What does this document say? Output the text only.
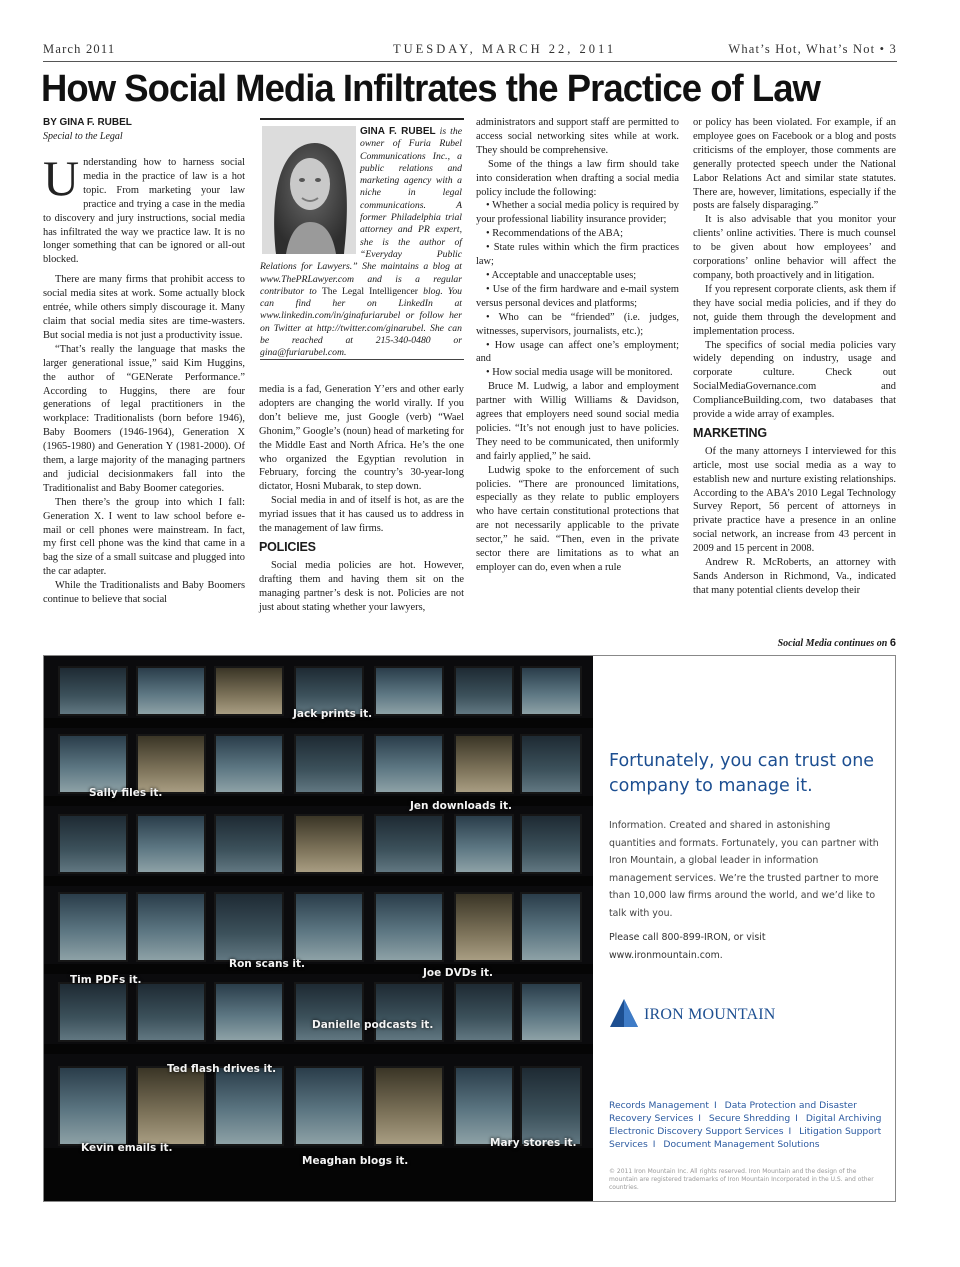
March 2011	TUESDAY, MARCH 22, 2011	What’s Hot, What’s Not • 3
How Social Media Infiltrates the Practice of Law
BY GINA F. RUBEL
Special to the Legal
U nderstanding how to harness social media in the practice of law is a hot topic. From marketing your law practice and trying a case in the media to discovery and jury instructions, social media has infiltrated the way we practice law. It is no longer something that can be ignored or all-out blocked.

There are many firms that prohibit access to social media sites at work. Some actually block entrée, while others simply discourage it. Many claim that social media sites are time-wasters. But social media is not just a productivity issue.

“That’s really the language that masks the larger generational issue,” said Kim Huggins, the author of “GENerate Performance.” According to Huggins, there are four generations of legal practitioners in the workplace: Traditionalists (born before 1946), Baby Boomers (1946-1964), Generation X (1965-1980) and Generation Y (1981-2000). Of them, a large majority of the managing partners and judicial decisionmakers fall into the Traditionalist and Baby Boomer categories.

Then there’s the group into which I fall: Generation X. I went to law school before e-mail or cell phones were mainstream. In fact, my first cell phone was the kind that came in a bag the size of a small suitcase and plugged into the car adapter.

While the Traditionalists and Baby Boomers continue to believe that social

GINA F. RUBEL is the owner of Furia Rubel Communications Inc., a public relations and marketing agency with a niche in legal communications. A former Philadelphia trial attorney and PR expert, she is the author of “Everyday Public Relations for Lawyers.” She maintains a blog at www.ThePRLawyer.com and is a regular contributor to The Legal Intelligencer blog. You can find her on LinkedIn at www.linkedin.com/in/ginafuriarubel or follow her on Twitter at http://twitter.com/ginarubel. She can be reached at 215-340-0480 or gina@furiarubel.com.

media is a fad, Generation Y’ers and other early adopters are changing the world virally. If you don’t believe me, just Google (verb) “Wael Ghonim,” Google’s (noun) head of marketing for the Middle East and North Africa. He’s the one who organized the Egyptian revolution in February, forcing the country’s 30-year-long dictator, Hosni Mubarak, to step down.

Social media in and of itself is hot, as are the myriad issues that it has caused us to address in the management of law firms.

POLICIES

Social media policies are hot. However, drafting them and having them sit on the managing partner’s desk is not. Policies are not just about stating whether your lawyers,

administrators and support staff are permitted to access social networking sites while at work. They should be comprehensive.

Some of the things a law firm should take into consideration when drafting a social media policy include the following:

• Whether a social media policy is required by your professional liability insurance provider;

• Recommendations of the ABA;

• State rules within which the firm practices law;

• Acceptable and unacceptable uses;

• Use of the firm hardware and e-mail system versus personal devices and platforms;

• Who can be “friended” (i.e. judges, witnesses, supervisors, journalists, etc.);

• How usage can affect one’s employment; and

• How social media usage will be monitored.

Bruce M. Ludwig, a labor and employment partner with Willig Williams & Davidson, agrees that employers need sound social media policies. “It’s not enough just to have policies. They need to be communicated, then uniformly and fairly applied,” he said.

Ludwig spoke to the enforcement of such policies. “There are pronounced limitations, especially as they relate to public employers who have certain constitutional protections that are not necessarily applicable to the private sector,” he said. “Then, even in the private sector there are limitations as to what an employer can do, even when a rule

or policy has been violated. For example, if an employee goes on Facebook or a blog and posts criticisms of the employer, those comments are generally protected speech under the National Labor Relations Act and similar state statutes. There are, however, limitations, especially if the posts are falsely disparaging.”

It is also advisable that you monitor your clients’ online activities. There is much counsel to be given about how employees’ and corporations’ online behavior will affect the company, both proactively and in litigation.

If you represent corporate clients, ask them if they have social media policies, and if they do not, guide them through the development and implementation process.

The specifics of social media policies vary widely depending on industry, usage and corporate culture. Check out SocialMediaGovernance.com and ComplianceBuilding.com, two databases that provide a wide array of examples.

MARKETING

Of the many attorneys I interviewed for this article, most use social media as a way to establish new and nurture existing relationships. According to the ABA’s 2010 Legal Technology Survey Report, 56 percent of attorneys in private practice have a presence in an online social network, an increase from 43 percent in 2009 and 15 percent in 2008.

Andrew R. McRoberts, an attorney with Sands Anderson in Richmond, Va., indicated that many potential clients develop their

Social Media continues on 6
Jack prints it.
Sally files it.
Jen downloads it.
Ron scans it.
Tim PDFs it.
Joe DVDs it.
Danielle podcasts it.
Ted flash drives it.
Kevin emails it.	Mary stores it.
Meaghan blogs it.
Fortunately, you can trust one company to manage it.
Information. Created and shared in astonishing quantities and formats. Fortunately, you can partner with Iron Mountain, a global leader in information management services. We’re the trusted partner to more than 10,000 law firms around the world, and we’d like to talk with you.
Please call 800-899-IRON, or visit www.ironmountain.com.
IRON MOUNTAIN
Records Management I Data Protection and Disaster Recovery Services I Secure Shredding I Digital Archiving Electronic Discovery Support Services I Litigation Support Services I Document Management Solutions
© 2011 Iron Mountain Inc. All rights reserved. Iron Mountain and the design of the mountain are registered trademarks of Iron Mountain Incorporated in the U.S. and other countries.
